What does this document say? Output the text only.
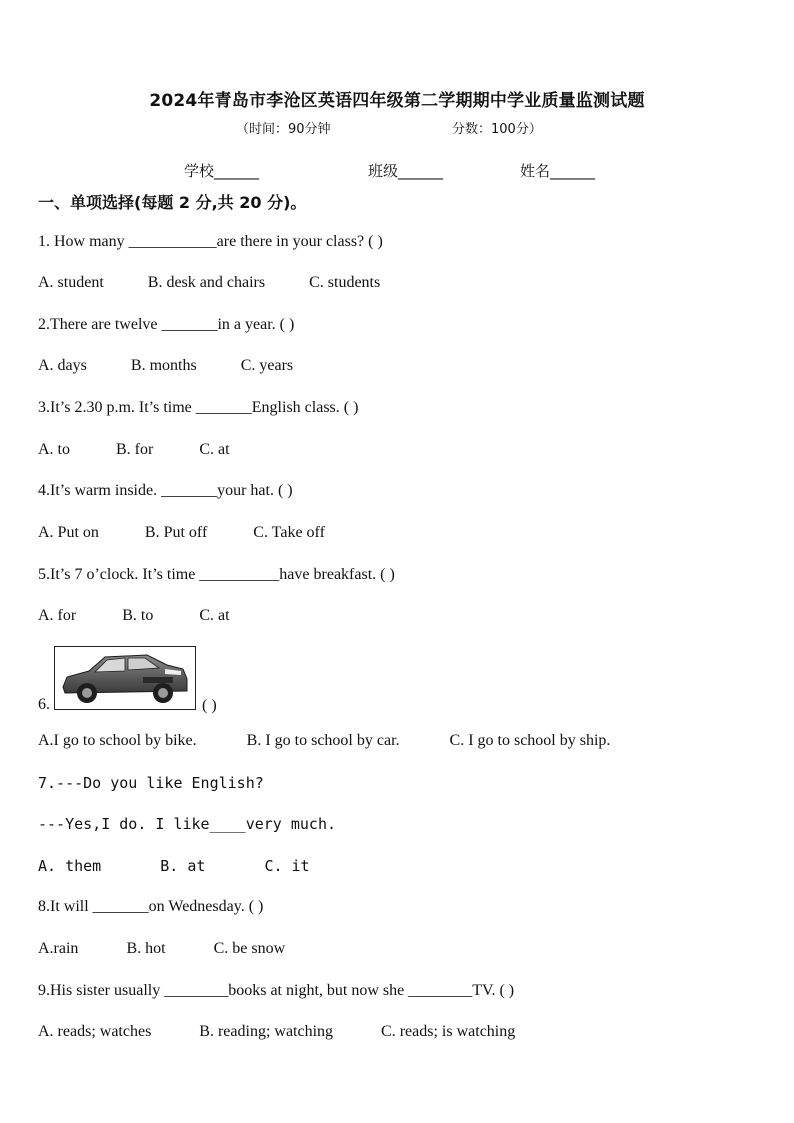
2024年青岛市李沧区英语四年级第二学期期中学业质量监测试题
（时间：90分钟	分数：100分）
学校______	班级______	姓名______
一、单项选择(每题 2 分,共 20 分)。
1. How many ___________are there in your class? ( )
A. student	B. desk and chairs	C. students
2.There are twelve _______in a year. ( )
A. days	B. months	C. years
3.It’s 2.30 p.m. It’s time _______English class. ( )
A. to	B. for	C. at
4.It’s warm inside. _______your hat. ( )
A. Put on	B. Put off	C. Take off
5.It’s 7 o’clock. It’s time __________have breakfast. ( )
A. for	B. to	C. at
6.	( )
A.I go to school by bike.	B. I go to school by car.	C. I go to school by ship.
7.---Do you like English?
---Yes,I do. I like____very much.
A. them	B. at	C. it
8.It will _______on Wednesday. ( )
A.rain	B. hot	C. be snow
9.His sister usually ________books at night, but now she ________TV. ( )
A. reads; watches	B. reading; watching	C. reads; is watching
